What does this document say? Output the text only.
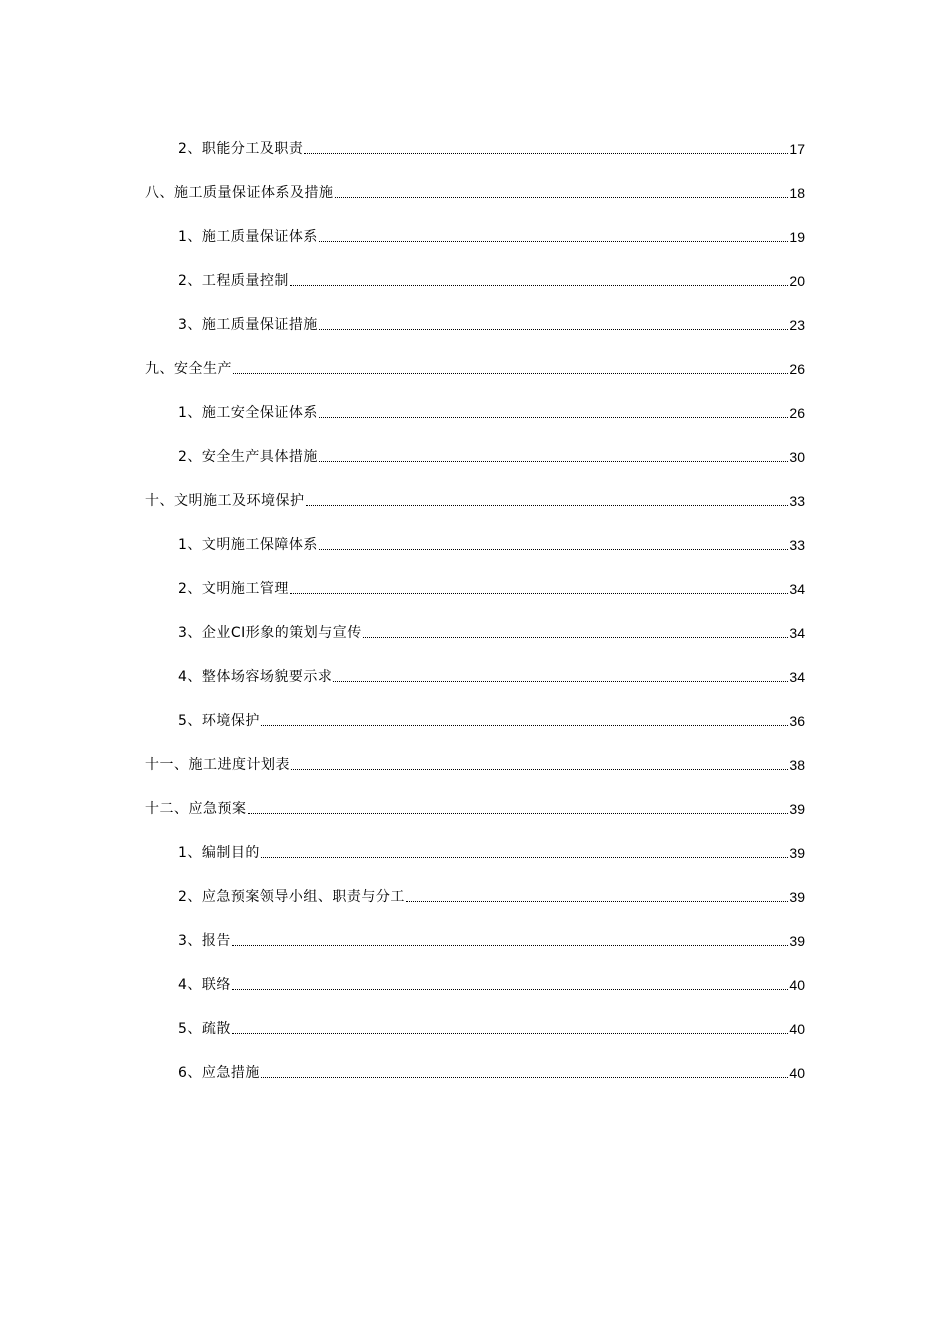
2、职能分工及职责	17
八、施工质量保证体系及措施	18
1、施工质量保证体系	19
2、工程质量控制	20
3、施工质量保证措施	23
九、安全生产	26
1、施工安全保证体系	26
2、安全生产具体措施	30
十、文明施工及环境保护	33
1、文明施工保障体系	33
2、文明施工管理	34
3、企业CI形象的策划与宣传	34
4、整体场容场貌要示求	34
5、环境保护	36
十一、施工进度计划表	38
十二、应急预案	39
1、编制目的	39
2、应急预案领导小组、职责与分工	39
3、报告	39
4、联络	40
5、疏散	40
6、应急措施	40
